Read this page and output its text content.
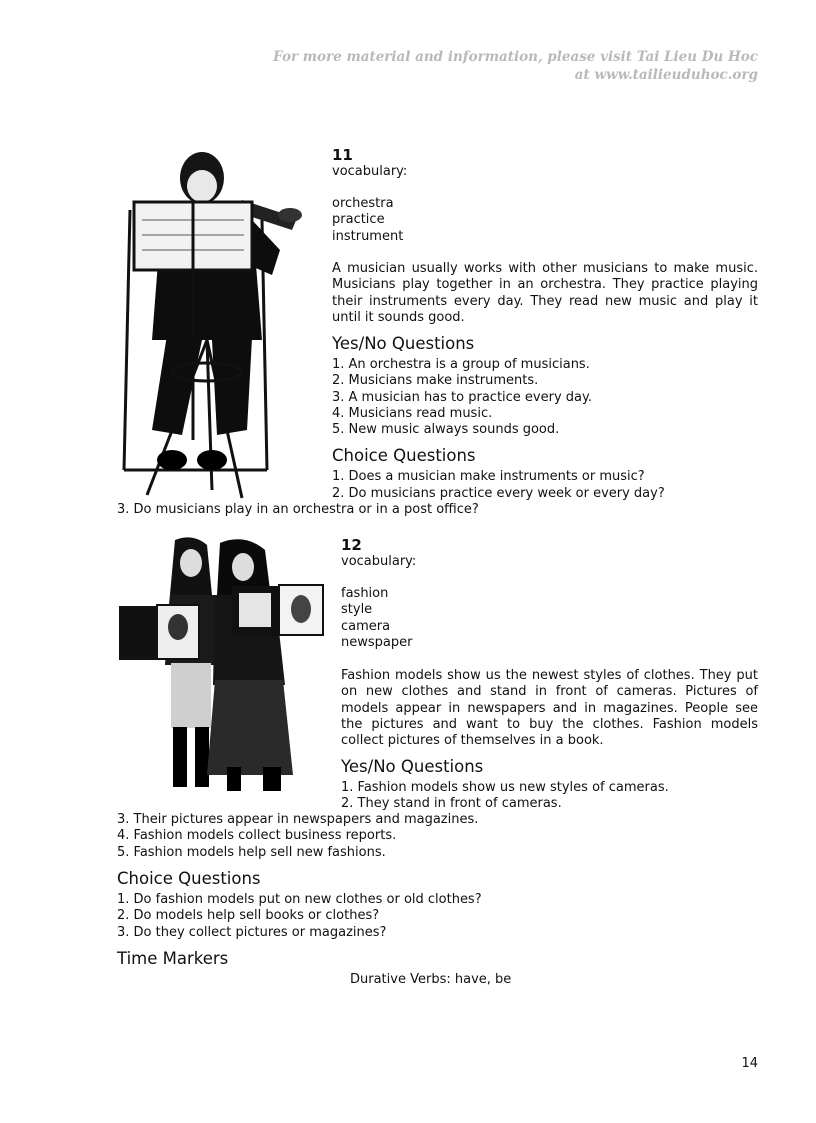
For more material and information, please visit Tai Lieu Du Hoc
at www.tailieuduhoc.org
11
vocabulary:
orchestra
practice
instrument
A musician usually works with other musicians to make music. Musicians play together in an orchestra. They practice playing their instruments every day. They read new music and play it until it sounds good.
Yes/No Questions
1. An orchestra is a group of musicians.
2. Musicians make instruments.
3. A musician has to practice every day.
4. Musicians read music.
5. New music always sounds good.
Choice Questions
1. Does a musician make instruments or music?
2. Do musicians practice every week or every day?
3. Do musicians play in an orchestra or in a post office?
12
vocabulary:
fashion
style
camera
newspaper
Fashion models show us the newest styles of clothes. They put on new clothes and stand in front of cameras. Pictures of models appear in newspapers and in magazines. People see the pictures and want to buy the clothes. Fashion models collect pictures of themselves in a book.
Yes/No Questions
1. Fashion models show us new styles of cameras.
2. They stand in front of cameras.
3. Their pictures appear in newspapers and magazines.
4. Fashion models collect business reports.
5. Fashion models help sell new fashions.
Choice Questions
1. Do fashion models put on new clothes or old clothes?
2. Do models help sell books or clothes?
3. Do they collect pictures or magazines?
Time Markers
Durative Verbs: have, be
14
